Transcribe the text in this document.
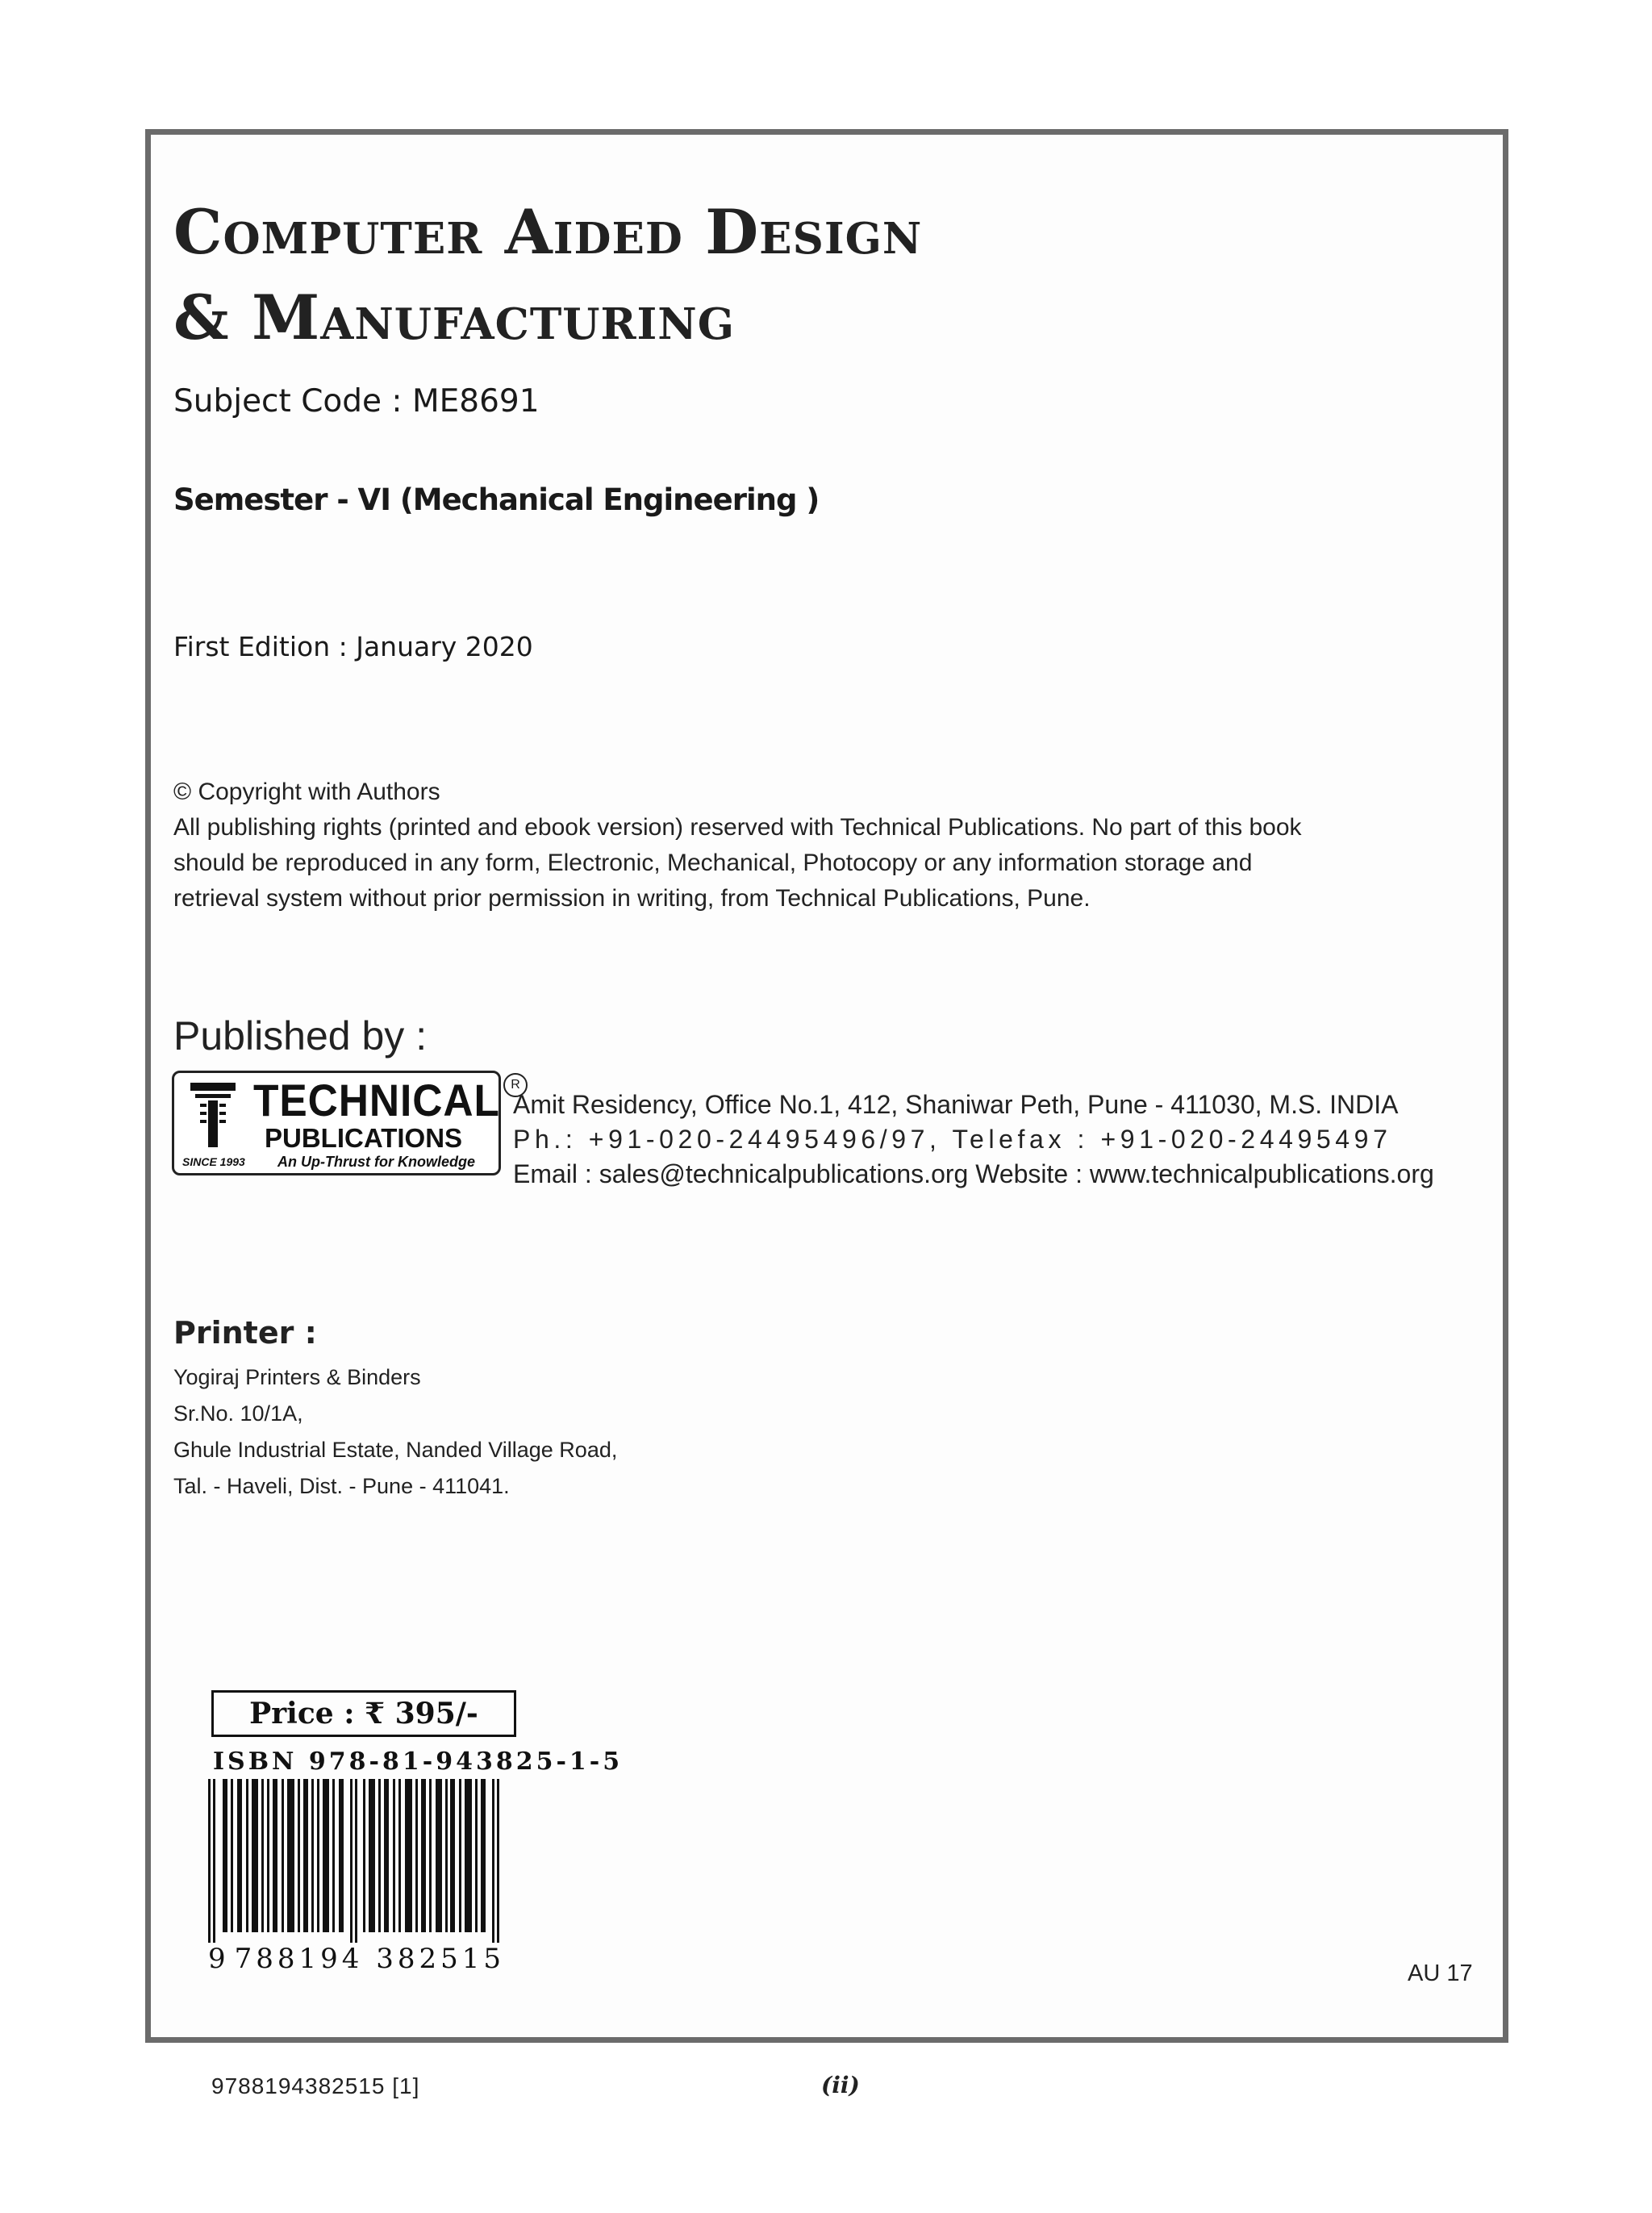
Computer Aided Design
& Manufacturing
Subject Code : ME8691
Semester - VI (Mechanical Engineering )
First Edition : January 2020
© Copyright with Authors
All publishing rights (printed and ebook version) reserved with Technical Publications. No part of this book
should be reproduced in any form, Electronic, Mechanical, Photocopy or any information storage and
retrieval system without prior permission in writing, from Technical Publications, Pune.
Published by :
TECHNICAL
PUBLICATIONS
SINCE 1993 An Up-Thrust for Knowledge
R
Amit Residency, Office No.1, 412, Shaniwar Peth, Pune - 411030, M.S. INDIA
Ph.: +91-020-24495496/97, Telefax : +91-020-24495497
Email : sales@technicalpublications.org Website : www.technicalpublications.org
Printer :
Yogiraj Printers & Binders
Sr.No. 10/1A,
Ghule Industrial Estate, Nanded Village Road,
Tal. - Haveli, Dist. - Pune - 411041.
Price : ₹ 395/-
ISBN 978-81-943825-1-5
9 788194 382515	AU 17
9788194382515 [1]	(ii)
